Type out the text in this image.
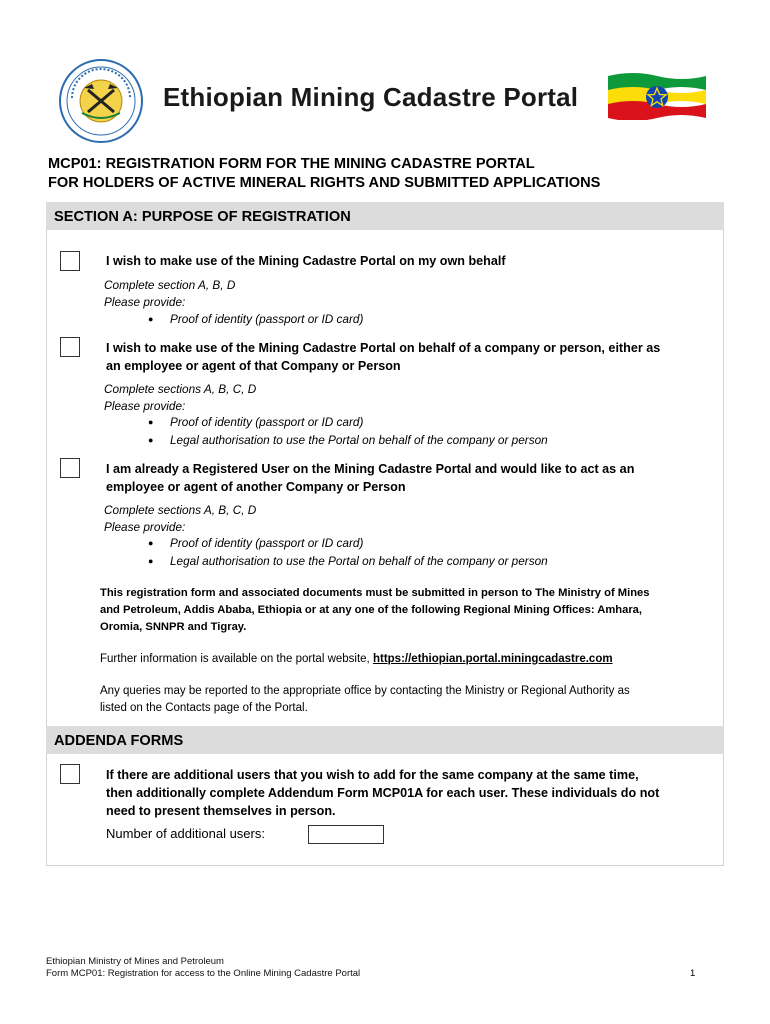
Ethiopian Mining Cadastre Portal
MCP01: REGISTRATION FORM FOR THE MINING CADASTRE PORTAL
FOR HOLDERS OF ACTIVE MINERAL RIGHTS AND SUBMITTED APPLICATIONS
SECTION A: PURPOSE OF REGISTRATION
I wish to make use of the Mining Cadastre Portal on my own behalf
Complete section A, B, D
Please provide:
● Proof of identity (passport or ID card)
I wish to make use of the Mining Cadastre Portal on behalf of a company or person, either as
an employee or agent of that Company or Person
Complete sections A, B, C, D
Please provide:
● Proof of identity (passport or ID card)
● Legal authorisation to use the Portal on behalf of the company or person
I am already a Registered User on the Mining Cadastre Portal and would like to act as an
employee or agent of another Company or Person
Complete sections A, B, C, D
Please provide:
● Proof of identity (passport or ID card)
● Legal authorisation to use the Portal on behalf of the company or person
This registration form and associated documents must be submitted in person to The Ministry of Mines
and Petroleum, Addis Ababa, Ethiopia or at any one of the following Regional Mining Offices: Amhara,
Oromia, SNNPR and Tigray.
Further information is available on the portal website, https://ethiopian.portal.miningcadastre.com
Any queries may be reported to the appropriate office by contacting the Ministry or Regional Authority as
listed on the Contacts page of the Portal.
ADDENDA FORMS
If there are additional users that you wish to add for the same company at the same time,
then additionally complete Addendum Form MCP01A for each user. These individuals do not
need to present themselves in person.
Number of additional users:
Ethiopian Ministry of Mines and Petroleum
Form MCP01: Registration for access to the Online Mining Cadastre Portal	1
